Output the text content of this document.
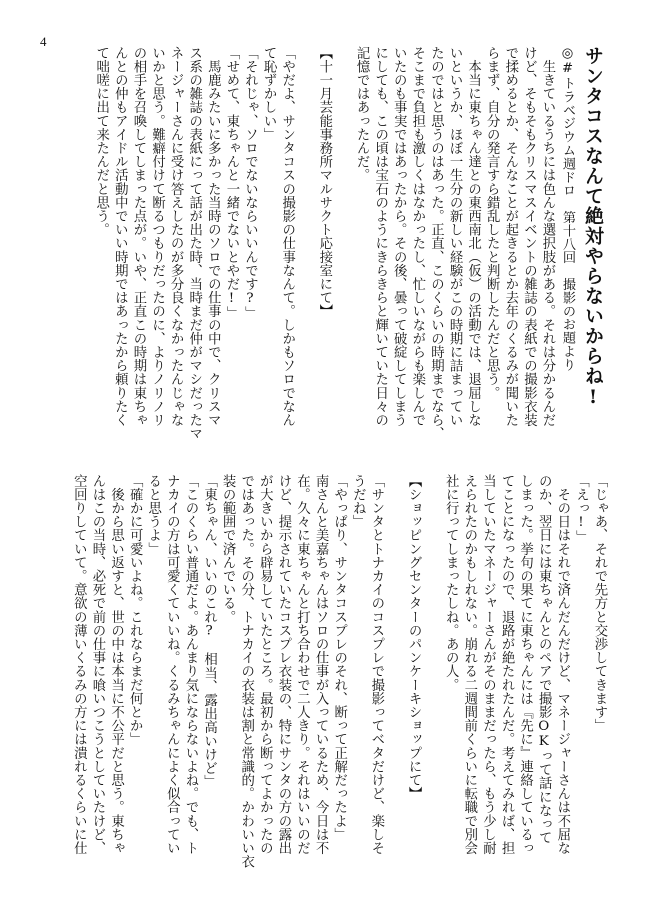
4
サンタコスなんて絶対やらないからね!
◎#トラベジウム週ドロ　第十八回　撮影のお題より
　生きているうちには色んな選択肢がある。それは分かるんだ
けど、そもそもクリスマスイベントの雑誌の表紙での撮影衣装
で揉めるとか、そんなことが起きるとか去年のくるみが聞いた
らまず、自分の発言すら錯乱したと判断したんだと思う。
　本当に東ちゃん達との東西南北（仮）の活動では、退屈しな
いというか、ほぼ一生分の新しい経験がこの時期に詰まってい
たのではと思うのはあった。正直、このくらいの時期までなら、
そこまで負担も激しくはなかったし、忙しいながらも楽しんで
いたのも事実ではあったから。その後、曇って破綻してしまう
にしても、この頃は宝石のようにきらきらと輝いていた日々の
記憶ではあったんだ。

【十一月芸能事務所マルサクト応接室にて】

「やだよ、サンタコスの撮影の仕事なんて。しかもソロでなん
て恥ずかしい」
「それじゃ、ソロでないならいいんです?」
「せめて、東ちゃんと一緒でないとやだ!」
　馬鹿みたいに多かった当時のソロでの仕事の中で、クリスマ
ス系の雑誌の表紙にって話が出た時、当時まだ仲がマシだったマ
ネージャーさんに受け答えしたのが多分良くなかったんじゃな
いかと思う。難癖付けて断るつもりだったのに、よりノリノリ
の相手を召喚してしまった点が。いや、正直この時期は東ちゃ
んとの仲もアイドル活動中でいい時期ではあったから頼りたく
て咄嗟に出て来たんだと思う。
「じゃあ、それで先方と交渉してきます」
「えっ!」
　その日はそれで済んだんだけど、マネージャーさんは不屈な
のか、翌日には東ちゃんとのペアで撮影OKって話になって
しまった。挙句の果てに東ちゃんには『先に』連絡しているっ
てことになったので、退路が絶たれたんだ。考えてみれば、担
当していたマネージャーさんがそのままだったら、もう少し耐
えられたのかもしれない。崩れる二週間前くらいに転職で別会
社に行ってしまったしね。あの人。

【ショッピングセンターのパンケーキショップにて】

「サンタとトナカイのコスプレで撮影ってベタだけど、楽しそ
うだね」
「やっぱり、サンタコスプレのそれ、断って正解だったよ」
南さんと美嘉ちゃんはソロの仕事が入っているため、今日は不
在。久々に東ちゃんと打ち合わせで二人きり。それはいいのだ
けど、提示されていたコスプレ衣装の、特にサンタの方の露出
が大きいから辟易していたところ。最初から断ってよかったの
ではあった。その分、トナカイの衣装は割と常識的。かわいい衣
装の範囲で済んでいる。
「東ちゃん、いいのこれ?　相当、露出高いけど」
「このくらい普通だよ。あんまり気にならないよね。でも、ト
ナカイの方は可愛くていいね。くるみちゃんによく似合ってい
ると思うよ」
「確かに可愛いよね。これならまだ何とか」
　後から思い返すと、世の中は本当に不公平だと思う。東ちゃ
んはこの当時、必死で前の仕事に喰いつこうとしていたけど、
空回りしていて。意欲の薄いくるみの方には潰れるくらいに仕
